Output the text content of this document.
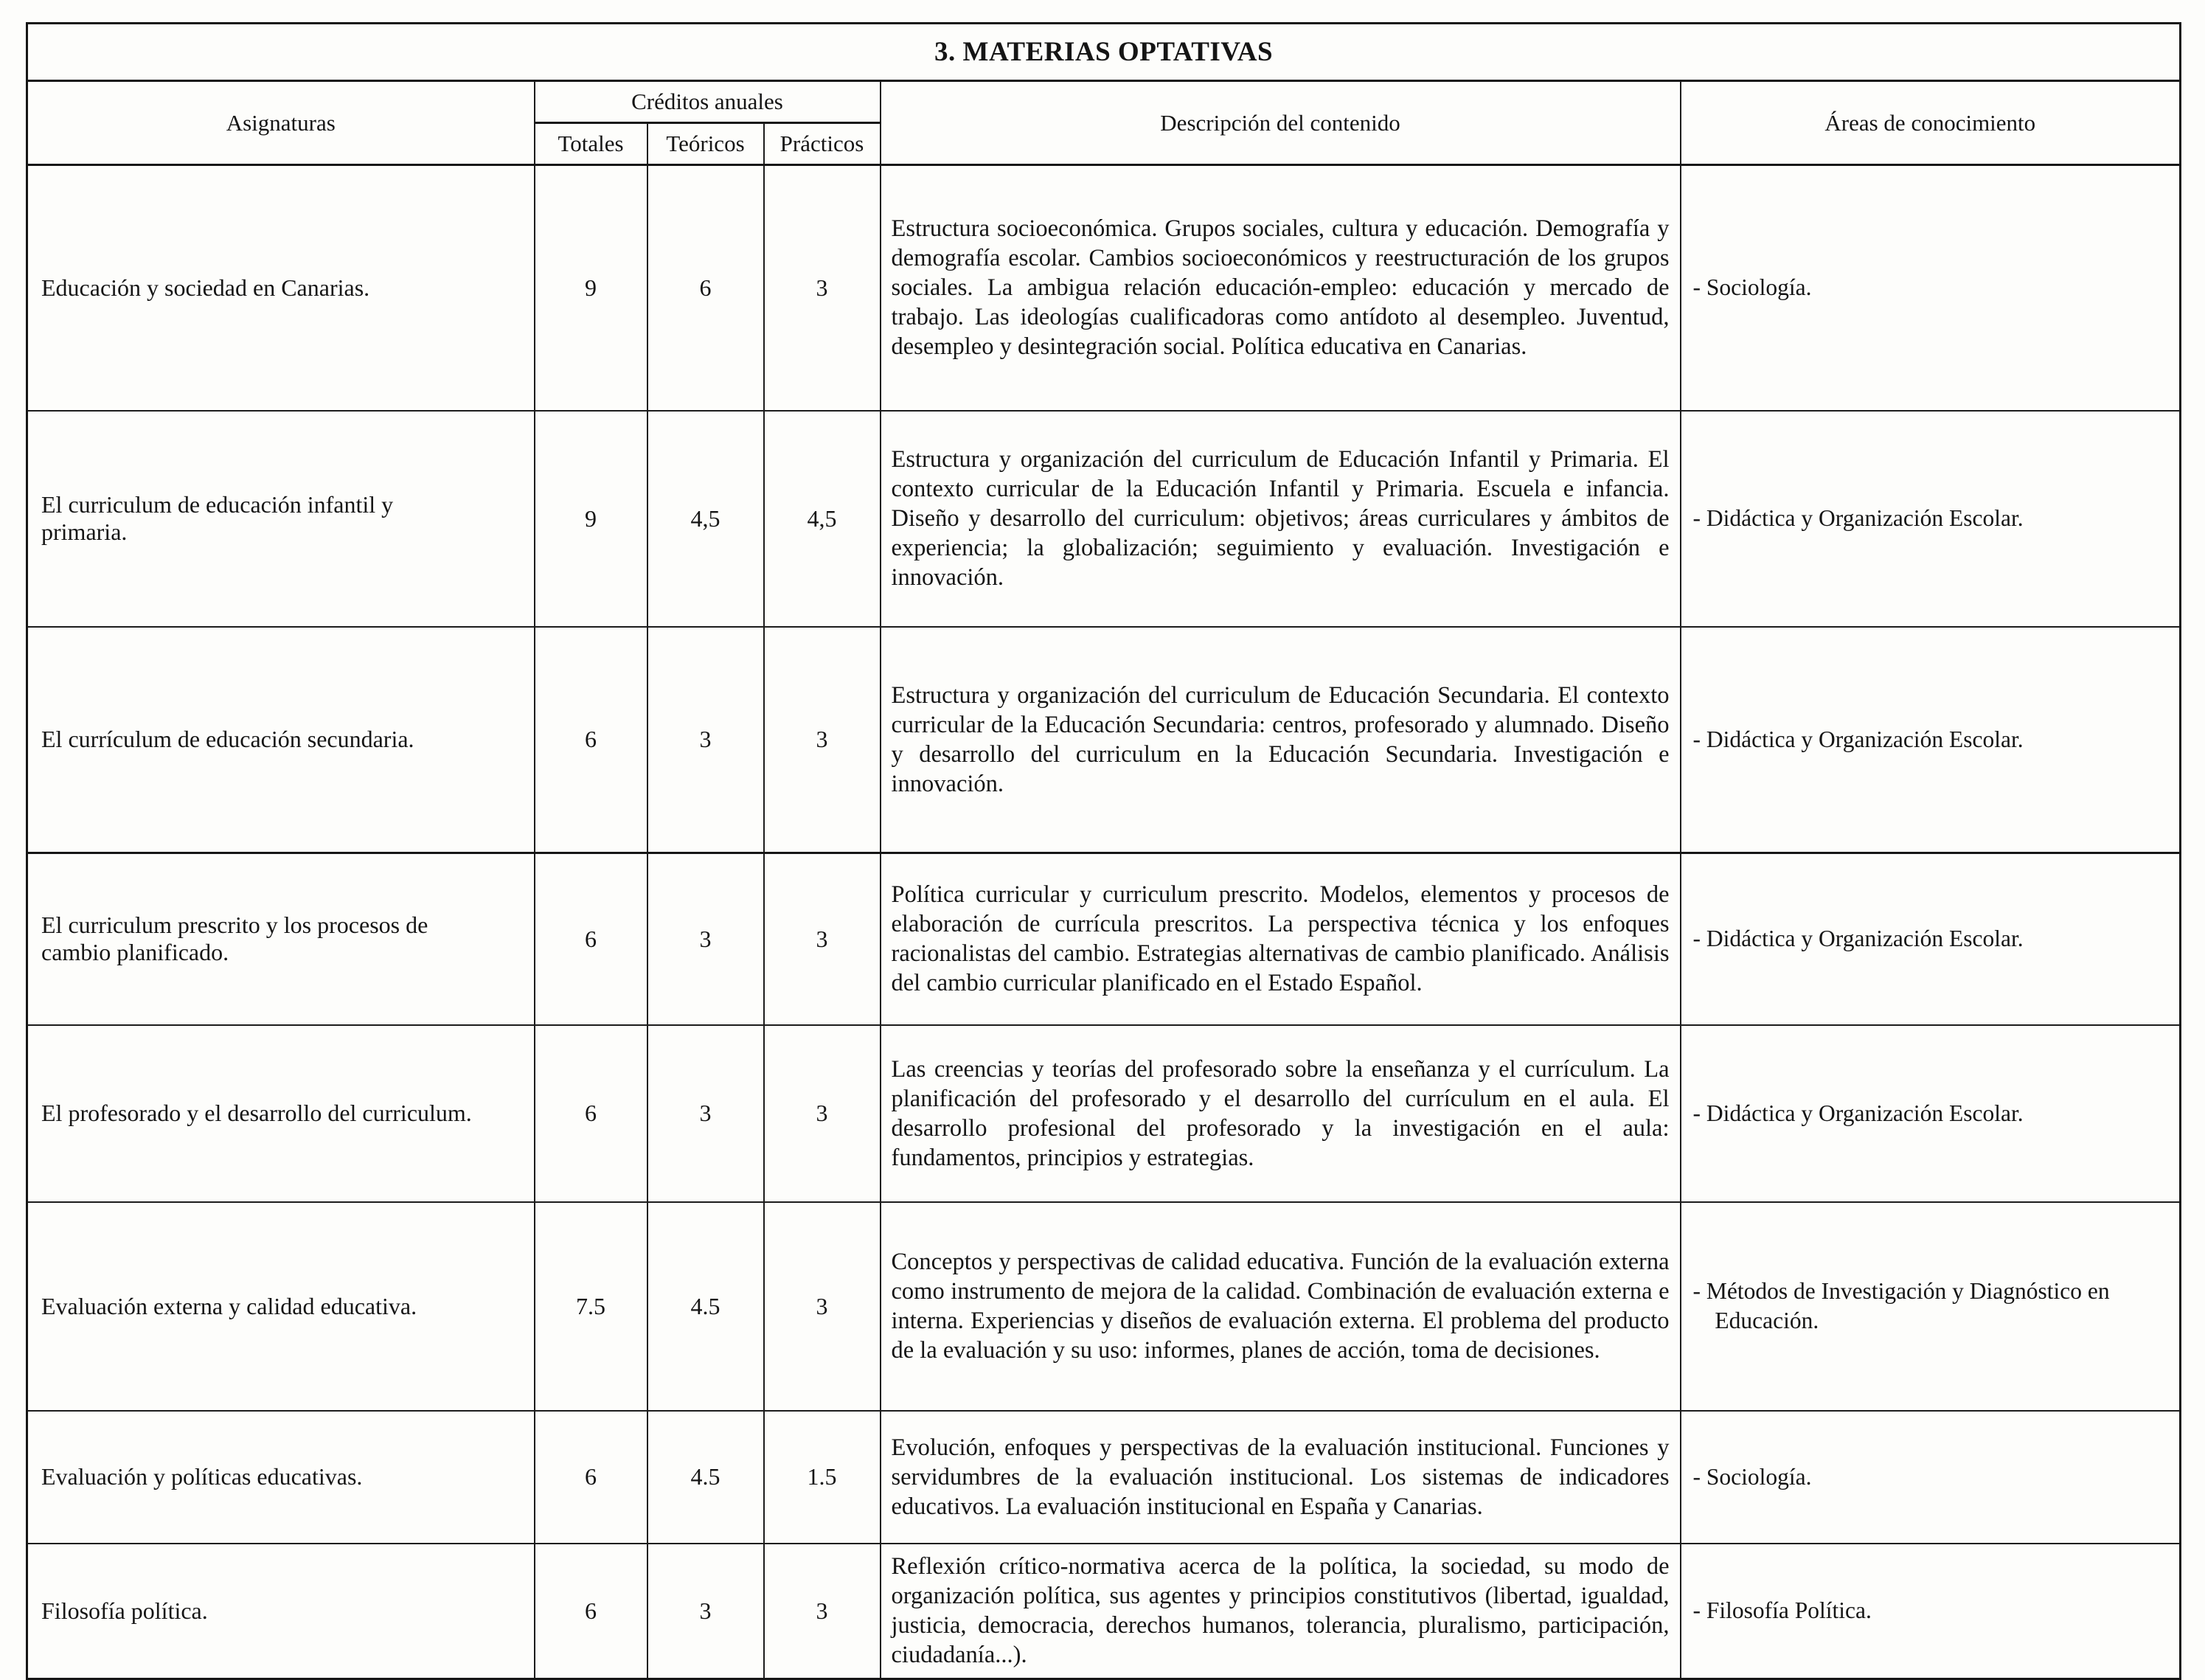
3. MATERIAS OPTATIVAS					
Asignaturas	Créditos anuales			Descripción del contenido	Áreas de conocimiento
	Totales	Teóricos	Prácticos		

Educación y sociedad en Canarias.	9	6	3	Estructura socioeconómica. Grupos sociales, cultura y educación. Demografía y demografía escolar. Cambios socioeconómicos y reestructuración de los grupos sociales. La ambigua relación educación-empleo: educación y mercado de trabajo. Las ideologías cualificadoras como antídoto al desempleo. Juventud, desempleo y desintegración social. Política educativa en Canarias.	- Sociología.

El curriculum de educación infantil y primaria.	9	4,5	4,5	Estructura y organización del curriculum de Educación Infantil y Primaria. El contexto curricular de la Educación Infantil y Primaria. Escuela e infancia. Diseño y desarrollo del curriculum: objetivos; áreas curriculares y ámbitos de experiencia; la globalización; seguimiento y evaluación. Investigación e innovación.	- Didáctica y Organización Escolar.

El currículum de educación secundaria.	6	3	3	Estructura y organización del curriculum de Educación Secundaria. El contexto curricular de la Educación Secundaria: centros, profesorado y alumnado. Diseño y desarrollo del curriculum en la Educación Secundaria. Investigación e innovación.	- Didáctica y Organización Escolar.

El curriculum prescrito y los procesos de cambio planificado.	6	3	3	Política curricular y curriculum prescrito. Modelos, elementos y procesos de elaboración de currícula prescritos. La perspectiva técnica y los enfoques racionalistas del cambio. Estrategias alternativas de cambio planificado. Análisis del cambio curricular planificado en el Estado Español.	- Didáctica y Organización Escolar.

El profesorado y el desarrollo del curriculum.	6	3	3	Las creencias y teorías del profesorado sobre la enseñanza y el currículum. La planificación del profesorado y el desarrollo del currículum en el aula. El desarrollo profesional del profesorado y la investigación en el aula: fundamentos, principios y estrategias.	- Didáctica y Organización Escolar.

Evaluación externa y calidad educativa.	7.5	4.5	3	Conceptos y perspectivas de calidad educativa. Función de la evaluación externa como instrumento de mejora de la calidad. Combinación de evaluación externa e interna. Experiencias y diseños de evaluación externa. El problema del producto de la evaluación y su uso: informes, planes de acción, toma de decisiones.	- Métodos de Investigación y Diagnóstico en Educación.

Evaluación y políticas educativas.	6	4.5	1.5	Evolución, enfoques y perspectivas de la evaluación institucional. Funciones y servidumbres de la evaluación institucional. Los sistemas de indicadores educativos. La evaluación institucional en España y Canarias.	- Sociología.

Filosofía política.	6	3	3	Reflexión crítico-normativa acerca de la política, la sociedad, su modo de organización política, sus agentes y principios constitutivos (libertad, igualdad, justicia, democracia, derechos humanos, tolerancia, pluralismo, participación, ciudadanía...).	- Filosofía Política.
